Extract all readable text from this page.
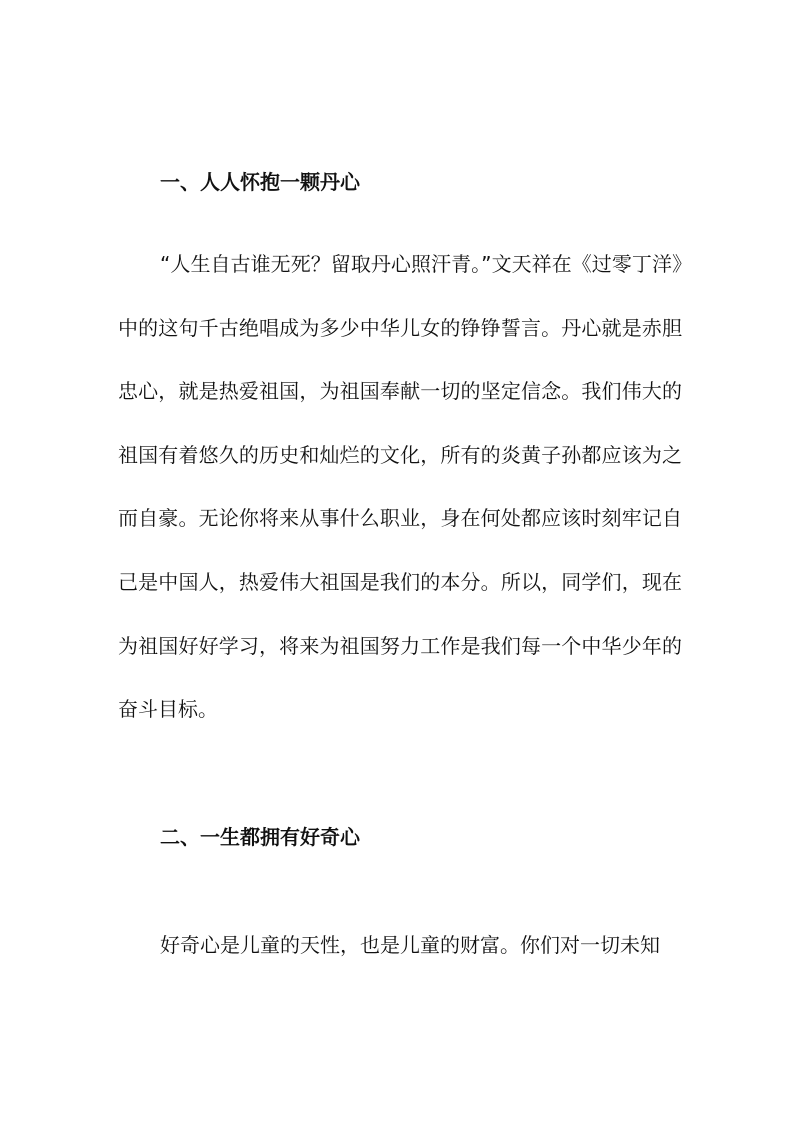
一、人人怀抱一颗丹心

“人生自古谁无死？留取丹心照汗青。”文天祥在《过零丁洋》中的这句千古绝唱成为多少中华儿女的铮铮誓言。丹心就是赤胆忠心，就是热爱祖国，为祖国奉献一切的坚定信念。我们伟大的祖国有着悠久的历史和灿烂的文化，所有的炎黄子孙都应该为之而自豪。无论你将来从事什么职业，身在何处都应该时刻牢记自己是中国人，热爱伟大祖国是我们的本分。所以，同学们，现在为祖国好好学习，将来为祖国努力工作是我们每一个中华少年的奋斗目标。

二、一生都拥有好奇心

好奇心是儿童的天性，也是儿童的财富。你们对一切未知
